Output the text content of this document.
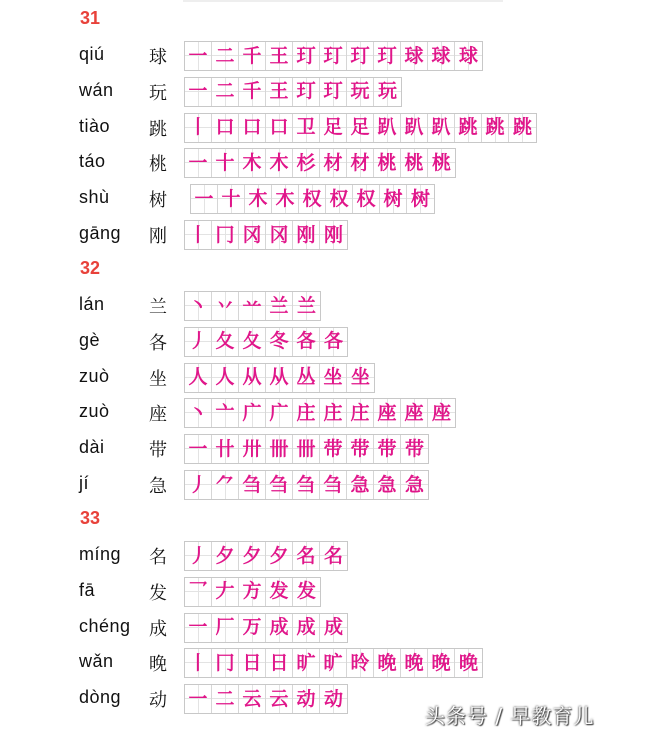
31
qiú 球 一 二 千 王 玎 玎 玎 玎 球 球 球
wán 玩 一 二 千 王 玎 玎 玩 玩
tiào 跳 丨 口 口 口 卫 足 足 趴 趴 趴 跳 跳 跳
táo 桃 一 十 木 木 杉 材 材 桃 桃 桃
shù 树 一 十 木 木 权 权 权 树 树
gāng 刚 丨 冂 冈 冈 刚 刚
32
lán 兰 丶 丷 䒑 兰 兰
gè	各 丿 夂 夂 冬 各 各
zuò 坐 人 人 从 从 丛 坐 坐
zuò 座 丶 亠 广 广 庄 庄 庄 座 座 座
dài 带 一 卄 卅 卌 卌 带 带 带 带
jí	急 丿 ⺈ 刍 刍 刍 刍 急 急 急
33
míng 名 丿 夕 夕 夕 名 名
fā	发 乛 𠂇 方 发 发
chéng 成 一 厂 万 成 成 成
wǎn 晚 丨 冂 日 日 旷 旷 昤 晚 晚 晚 晚
dòng 动 一 二 云 云 动 动
头条号 / 早教育儿
